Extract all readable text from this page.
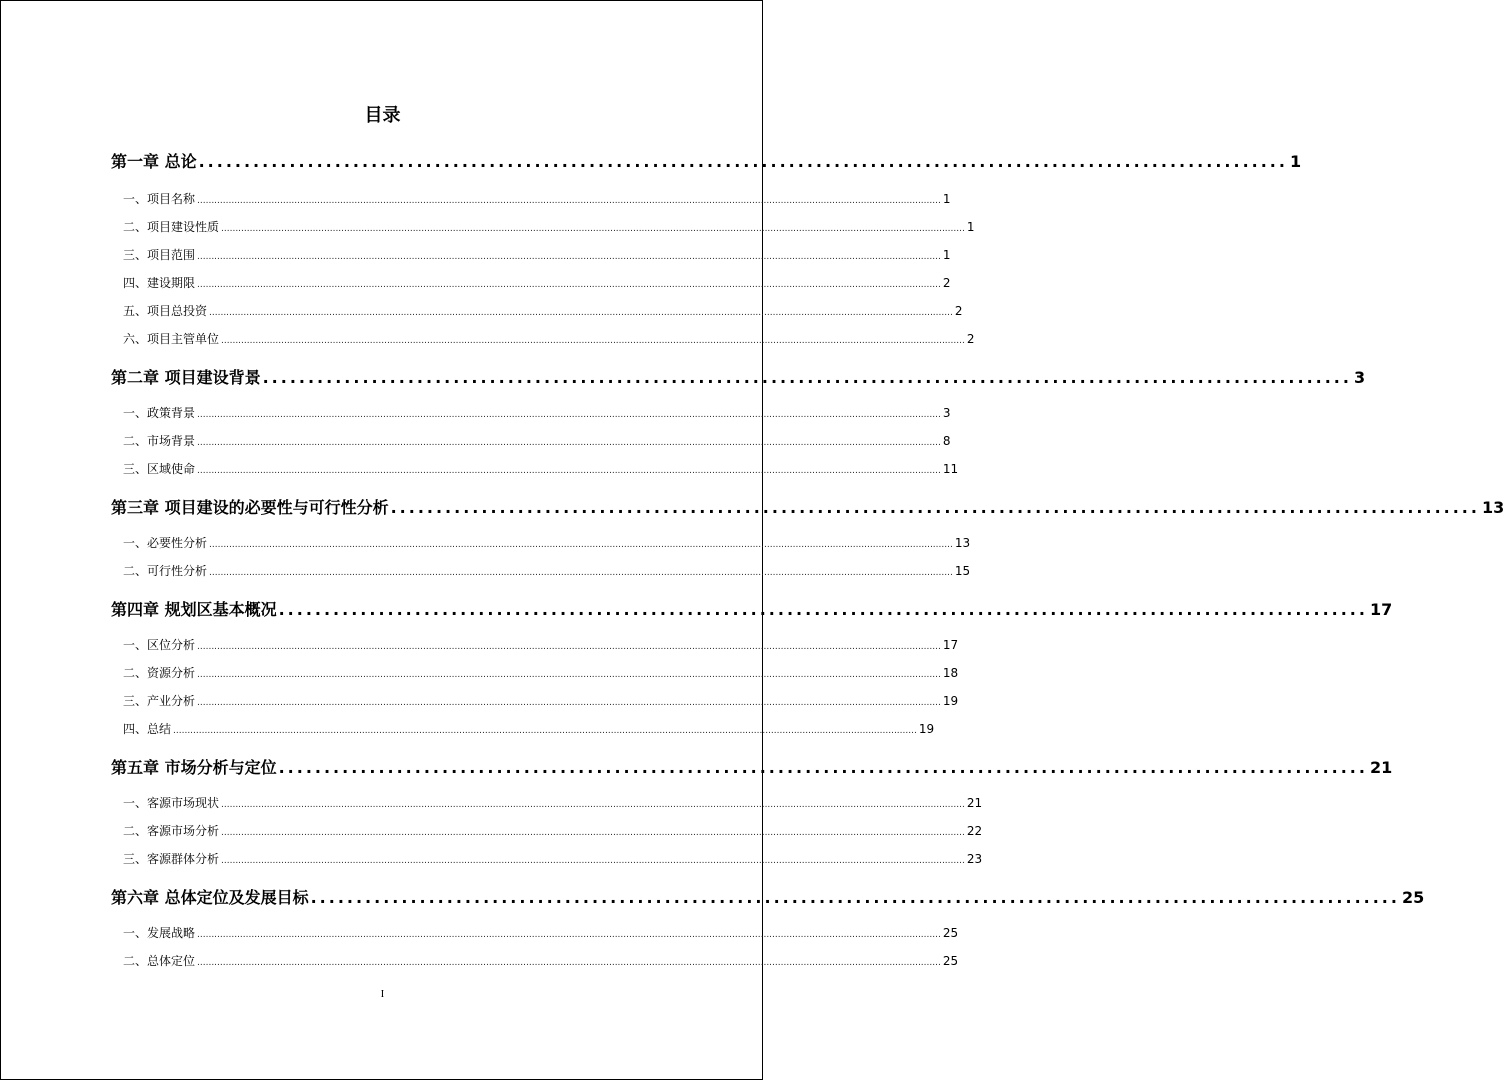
目录
第一章 总论 ........................................................................................................................ 1
一、项目名称 .................................................................................................................................................................................................................................................................... 1
二、项目建设性质 .................................................................................................................................................................................................................................................................... 1
三、项目范围 .................................................................................................................................................................................................................................................................... 1
四、建设期限 .................................................................................................................................................................................................................................................................... 2
五、项目总投资 .................................................................................................................................................................................................................................................................... 2
六、项目主管单位 .................................................................................................................................................................................................................................................................... 2
第二章 项目建设背景 ........................................................................................................................ 3
一、政策背景 .................................................................................................................................................................................................................................................................... 3
二、市场背景 .................................................................................................................................................................................................................................................................... 8
三、区域使命 .................................................................................................................................................................................................................................................................... 11
第三章 项目建设的必要性与可行性分析 ........................................................................................................................ 13
一、必要性分析 .................................................................................................................................................................................................................................................................... 13
二、可行性分析 .................................................................................................................................................................................................................................................................... 15
第四章 规划区基本概况 ........................................................................................................................ 17
一、区位分析 .................................................................................................................................................................................................................................................................... 17
二、资源分析 .................................................................................................................................................................................................................................................................... 18
三、产业分析 .................................................................................................................................................................................................................................................................... 19
四、总结 .................................................................................................................................................................................................................................................................... 19
第五章 市场分析与定位 ........................................................................................................................ 21
一、客源市场现状 .................................................................................................................................................................................................................................................................... 21
二、客源市场分析 .................................................................................................................................................................................................................................................................... 22
三、客源群体分析 .................................................................................................................................................................................................................................................................... 23
第六章 总体定位及发展目标 ........................................................................................................................ 25
一、发展战略 .................................................................................................................................................................................................................................................................... 25
二、总体定位 .................................................................................................................................................................................................................................................................... 25
I
